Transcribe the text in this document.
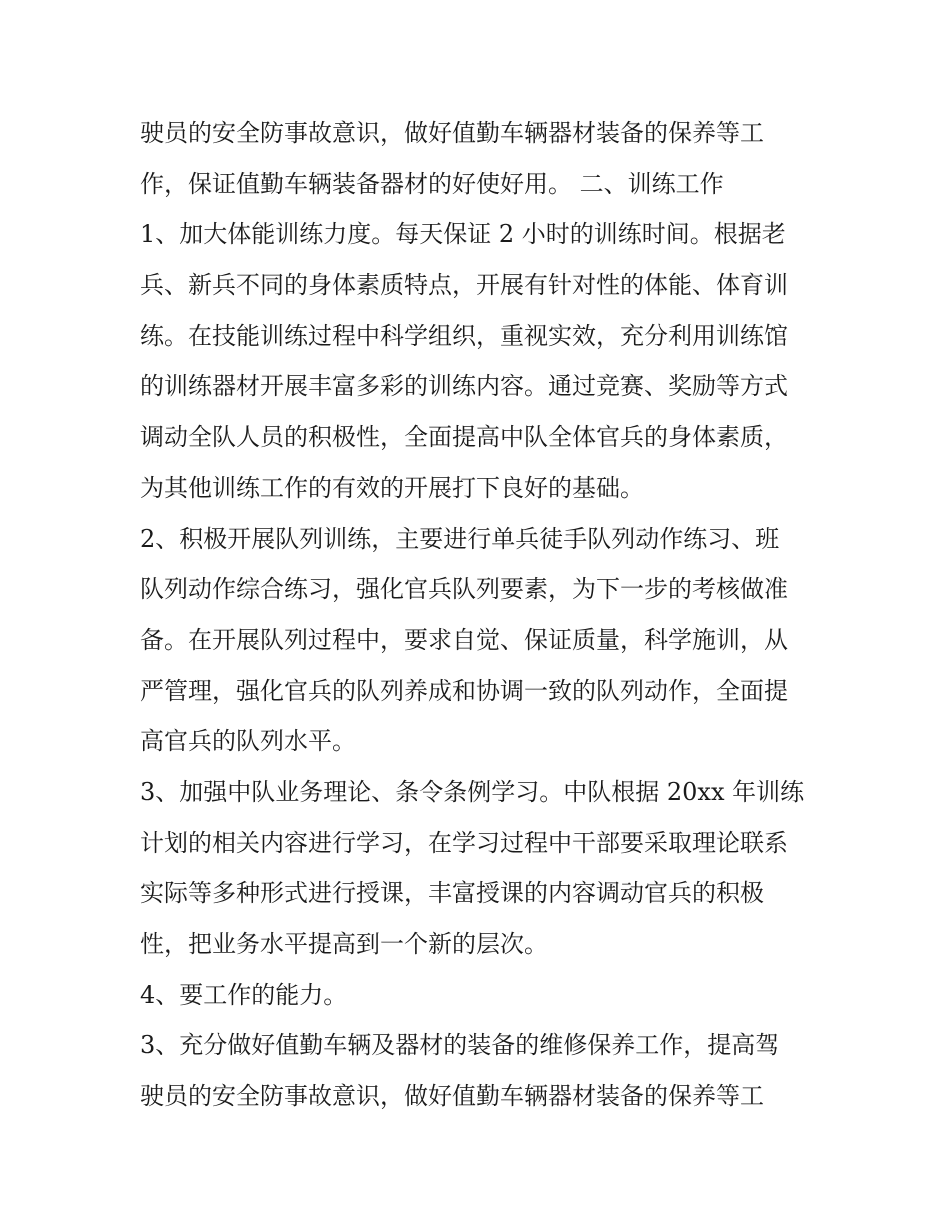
驶员的安全防事故意识，做好值勤车辆器材装备的保养等工
作，保证值勤车辆装备器材的好使好用。 二、训练工作
1、加大体能训练力度。每天保证 2 小时的训练时间。根据老
兵、新兵不同的身体素质特点，开展有针对性的体能、体育训
练。在技能训练过程中科学组织，重视实效，充分利用训练馆
的训练器材开展丰富多彩的训练内容。通过竞赛、奖励等方式
调动全队人员的积极性，全面提高中队全体官兵的身体素质，
为其他训练工作的有效的开展打下良好的基础。
2、积极开展队列训练，主要进行单兵徒手队列动作练习、班
队列动作综合练习，强化官兵队列要素，为下一步的考核做准
备。在开展队列过程中，要求自觉、保证质量，科学施训，从
严管理，强化官兵的队列养成和协调一致的队列动作，全面提
高官兵的队列水平。
3、加强中队业务理论、条令条例学习。中队根据 20xx 年训练
计划的相关内容进行学习，在学习过程中干部要采取理论联系
实际等多种形式进行授课，丰富授课的内容调动官兵的积极
性，把业务水平提高到一个新的层次。
4、要工作的能力。
3、充分做好值勤车辆及器材的装备的维修保养工作，提高驾
驶员的安全防事故意识，做好值勤车辆器材装备的保养等工
